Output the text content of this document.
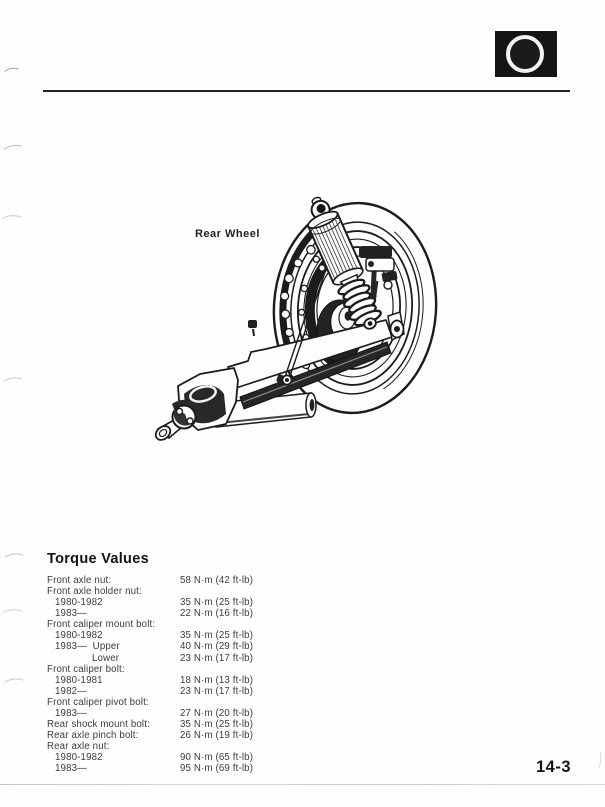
Rear Wheel
Torque Values
Front axle nut:	58 N·m (42 ft-lb)
Front axle holder nut:
1980-1982	35 N·m (25 ft-lb)
1983—	22 N·m (16 ft-lb)
Front caliper mount bolt:
1980-1982	35 N·m (25 ft-lb)
1983—  Upper	40 N·m (29 ft-lb)
Lower	23 N·m (17 ft-lb)
Front caliper bolt:
1980-1981	18 N·m (13 ft-lb)
1982—	23 N·m (17 ft-lb)
Front caliper pivot bolt:
1983—	27 N·m (20 ft-lb)
Rear shock mount bolt:	35 N·m (25 ft-lb)
Rear axle pinch bolt:	26 N·m (19 ft-lb)
Rear axle nut:
1980-1982	90 N·m (65 ft-lb)
1983—	95 N·m (69 ft-lb)	14-3
